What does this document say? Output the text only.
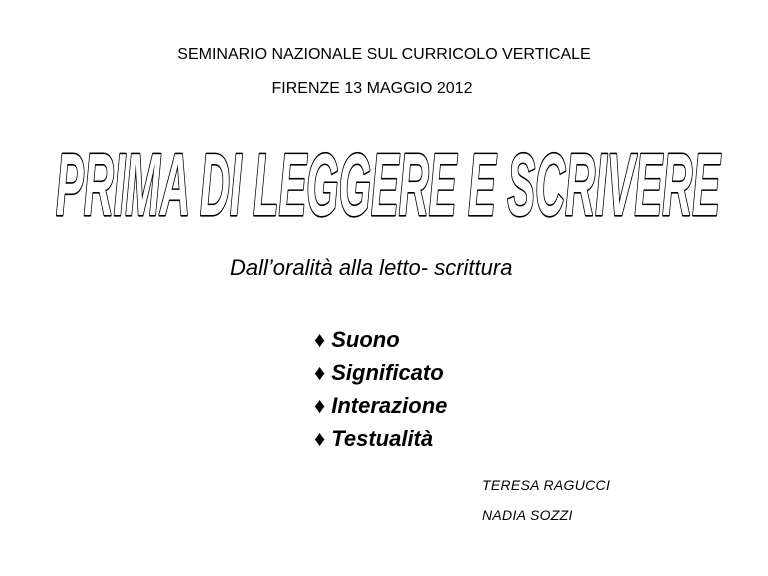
SEMINARIO NAZIONALE SUL CURRICOLO VERTICALE
FIRENZE 13 MAGGIO 2012
PRIMA DI LEGGERE E SCRIVERE
Dall’oralità alla letto- scrittura
♦ Suono
♦ Significato
♦ Interazione
♦ Testualità
TERESA RAGUCCI
NADIA SOZZI
